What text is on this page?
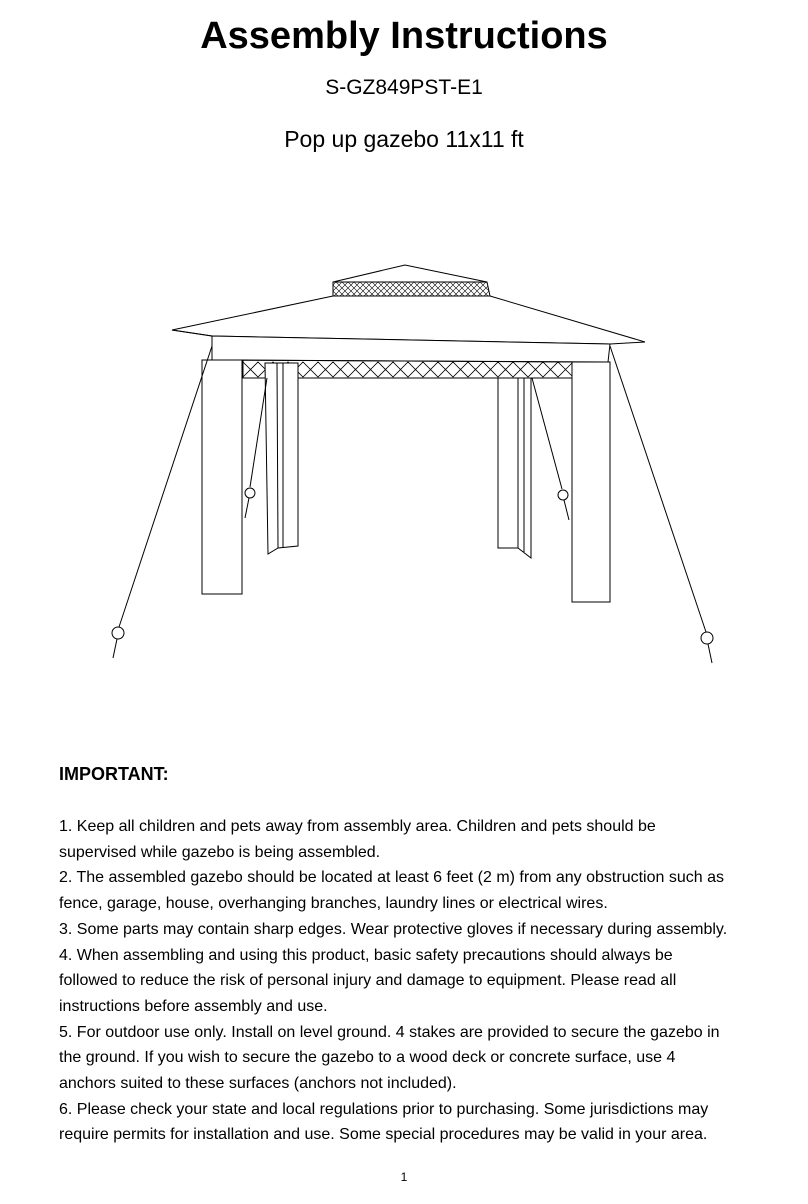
Assembly Instructions
S-GZ849PST-E1
Pop up gazebo 11x11 ft
IMPORTANT:
1. Keep all children and pets away from assembly area. Children and pets should be
supervised while gazebo is being assembled.
2. The assembled gazebo should be located at least 6 feet (2 m) from any obstruction such as
fence, garage, house, overhanging branches, laundry lines or electrical wires.
3. Some parts may contain sharp edges. Wear protective gloves if necessary during assembly.
4. When assembling and using this product, basic safety precautions should always be
followed to reduce the risk of personal injury and damage to equipment. Please read all
instructions before assembly and use.
5. For outdoor use only. Install on level ground. 4 stakes are provided to secure the gazebo in
the ground. If you wish to secure the gazebo to a wood deck or concrete surface, use 4
anchors suited to these surfaces (anchors not included).
6. Please check your state and local regulations prior to purchasing. Some jurisdictions may
require permits for installation and use. Some special procedures may be valid in your area.
1
